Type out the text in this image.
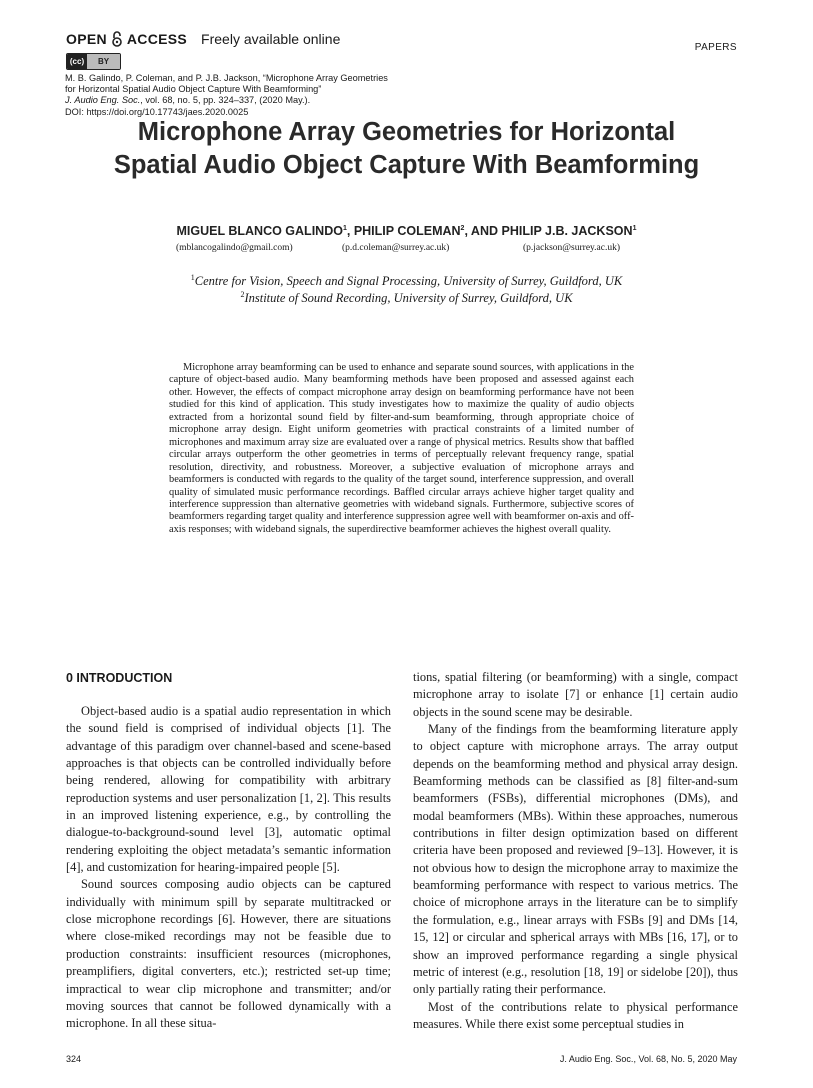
OPEN ACCESS Freely available online
(cc)	BY
PAPERS
M. B. Galindo, P. Coleman, and P. J.B. Jackson, “Microphone Array Geometries
for Horizontal Spatial Audio Object Capture With Beamforming”
J. Audio Eng. Soc., vol. 68, no. 5, pp. 324–337, (2020 May.).
DOI: https://doi.org/10.17743/jaes.2020.0025
Microphone Array Geometries for Horizontal
Spatial Audio Object Capture With Beamforming
MIGUEL BLANCO GALINDO$^1$, PHILIP COLEMAN$^2$, AND PHILIP J.B. JACKSON$^1$
(mblancogalindo@gmail.com)	(p.d.coleman@surrey.ac.uk)	(p.jackson@surrey.ac.uk)
$^1$Centre for Vision, Speech and Signal Processing, University of Surrey, Guildford, UK
$^2$Institute of Sound Recording, University of Surrey, Guildford, UK
Microphone array beamforming can be used to enhance and separate sound sources, with applications in the capture of object-based audio. Many beamforming methods have been proposed and assessed against each other. However, the effects of compact microphone array design on beamforming performance have not been studied for this kind of application. This study investigates how to maximize the quality of audio objects extracted from a horizontal sound field by filter-and-sum beamforming, through appropriate choice of microphone array design. Eight uniform geometries with practical constraints of a limited number of microphones and maximum array size are evaluated over a range of physical metrics. Results show that baffled circular arrays outperform the other geometries in terms of perceptually relevant frequency range, spatial resolution, directivity, and robustness. Moreover, a subjective evaluation of microphone arrays and beamformers is conducted with regards to the quality of the target sound, interference suppression, and overall quality of simulated music performance recordings. Baffled circular arrays achieve higher target quality and interference suppression than alternative geometries with wideband signals. Furthermore, subjective scores of beamformers regarding target quality and interference suppression agree well with beamformer on-axis and off-axis responses; with wideband signals, the superdirective beamformer achieves the highest overall quality.
0 INTRODUCTION

Object-based audio is a spatial audio representation in which the sound field is comprised of individual objects [1]. The advantage of this paradigm over channel-based and scene-based approaches is that objects can be controlled individually before being rendered, allowing for compatibility with arbitrary reproduction systems and user personalization [1, 2]. This results in an improved listening experience, e.g., by controlling the dialogue-to-background-sound level [3], automatic optimal rendering exploiting the object metadata’s semantic information [4], and customization for hearing-impaired people [5].

Sound sources composing audio objects can be captured individually with minimum spill by separate multitracked or close microphone recordings [6]. However, there are situations where close-miked recordings may not be feasible due to production constraints: insufficient resources (microphones, preamplifiers, digital converters, etc.); restricted set-up time; impractical to wear clip microphone and transmitter; and/or moving sources that cannot be followed dynamically with a microphone. In all these situa-

tions, spatial filtering (or beamforming) with a single, compact microphone array to isolate [7] or enhance [1] certain audio objects in the sound scene may be desirable.

Many of the findings from the beamforming literature apply to object capture with microphone arrays. The array output depends on the beamforming method and physical array design. Beamforming methods can be classified as [8] filter-and-sum beamformers (FSBs), differential microphones (DMs), and modal beamformers (MBs). Within these approaches, numerous contributions in filter design optimization based on different criteria have been proposed and reviewed [9–13]. However, it is not obvious how to design the microphone array to maximize the beamforming performance with respect to various metrics. The choice of microphone arrays in the literature can be to simplify the formulation, e.g., linear arrays with FSBs [9] and DMs [14, 15, 12] or circular and spherical arrays with MBs [16, 17], or to show an improved performance regarding a single physical metric of interest (e.g., resolution [18, 19] or sidelobe [20]), thus only partially rating their performance.

Most of the contributions relate to physical performance measures. While there exist some perceptual studies in

324	J. Audio Eng. Soc., Vol. 68, No. 5, 2020 May
